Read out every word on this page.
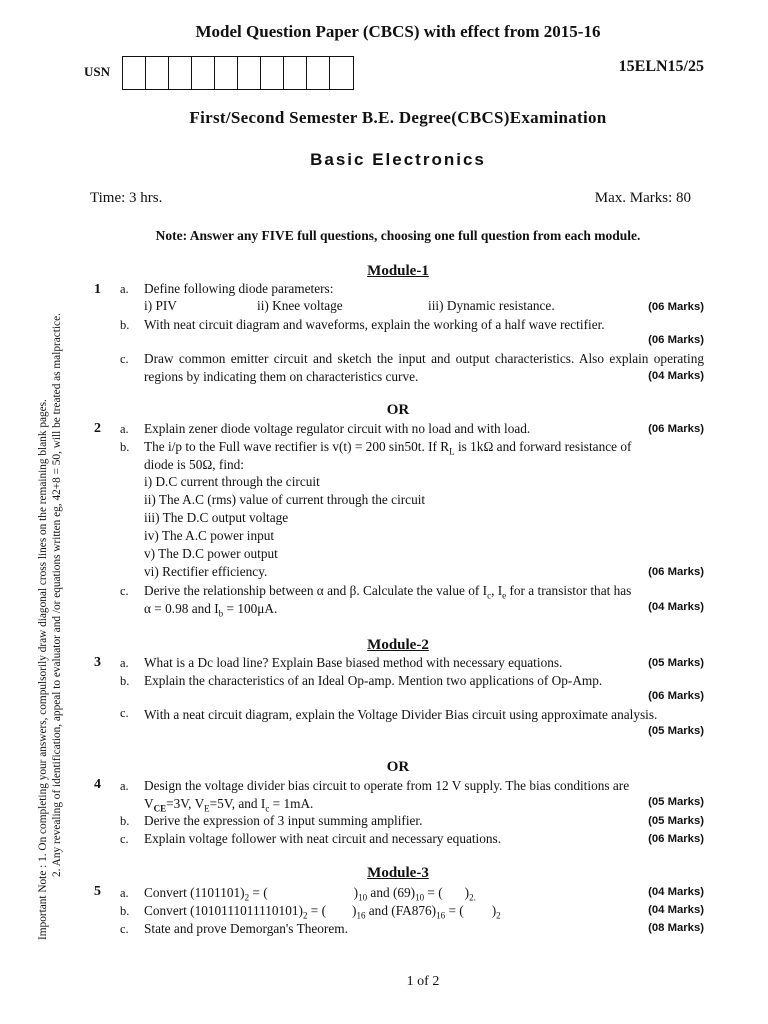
Model Question Paper (CBCS) with effect from 2015-16
USN	15ELN15/25
First/Second Semester B.E. Degree(CBCS)Examination
Basic Electronics
Time: 3 hrs.	Max. Marks: 80
Note: Answer any FIVE full questions, choosing one full question from each module.
Important Note : 1. On completing your answers, compulsorily draw diagonal cross lines on the remaining blank pages. 2. Any revealing of identification, appeal to evaluator and /or equations written eg, 42+8 = 50, will be treated as malpractice.
Module-1
1 a. Define following diode parameters:
i) PIV	ii) Knee voltage	iii) Dynamic resistance.	(06 Marks)
b. With neat circuit diagram and waveforms, explain the working of a half wave rectifier.
(06 Marks)
c. Draw common emitter circuit and sketch the input and output characteristics. Also explain operating regions by indicating them on characteristics curve.	(04 Marks)
OR
2 a. Explain zener diode voltage regulator circuit with no load and with load.	(06 Marks)
b. The i/p to the Full wave rectifier is v(t) = 200 sin50t. If $R_L$ is 1kΩ and forward resistance of
diode is 50Ω, find:
i) D.C current through the circuit
ii) The A.C (rms) value of current through the circuit
iii) The D.C output voltage
iv) The A.C power input
v) The D.C power output
vi) Rectifier efficiency.	(06 Marks)
c. Derive the relationship between α and β. Calculate the value of $I_c$, $I_e$ for a transistor that has
α = 0.98 and $I_b = 100\mu A$.	(04 Marks)
Module-2
3 a. What is a Dc load line? Explain Base biased method with necessary equations.	(05 Marks)
b. Explain the characteristics of an Ideal Op-amp. Mention two applications of Op-Amp.
(06 Marks)
c. With a neat circuit diagram, explain the Voltage Divider Bias circuit using approximate analysis.
(05 Marks)
OR
4 a. Design the voltage divider bias circuit to operate from 12 V supply. The bias conditions are
$V_{CE}=3V$, $V_E=5V$, and $I_c = 1mA$.	(05 Marks)
b. Derive the expression of 3 input summing amplifier.	(05 Marks)
c. Explain voltage follower with neat circuit and necessary equations.	(06 Marks)
Module-3
5 a. Convert $(1101101)_2$ = (	)$_{10}$ and $(69)_{10}$ = ( )$_{2.}$	(04 Marks)
b. Convert $(1010111011110101)_2$ = ( )$_{16}$ and $(FA876)_{16}$ = ( )$_2$	(04 Marks)
c. State and prove Demorgan's Theorem.	(08 Marks)
1 of 2
